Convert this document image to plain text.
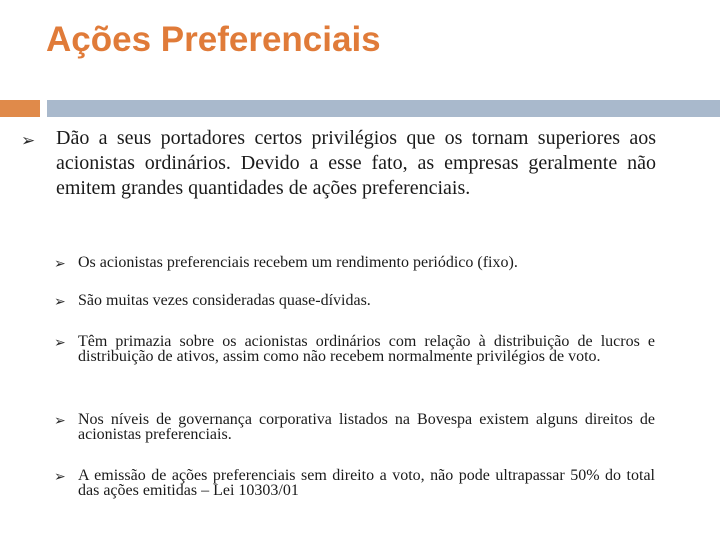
Ações Preferenciais
➢ Dão a seus portadores certos privilégios que os tornam superiores aos acionistas ordinários. Devido a esse fato, as empresas geralmente não emitem grandes quantidades de ações preferenciais.
➢ Os acionistas preferenciais recebem um rendimento periódico (fixo).
➢ São muitas vezes consideradas quase-dívidas.
➢ Têm primazia sobre os acionistas ordinários com relação à distribuição de lucros e distribuição de ativos, assim como não recebem normalmente privilégios de voto.
➢ Nos níveis de governança corporativa listados na Bovespa existem alguns direitos de acionistas preferenciais.
➢ A emissão de ações preferenciais sem direito a voto, não pode ultrapassar 50% do total das ações emitidas – Lei 10303/01
